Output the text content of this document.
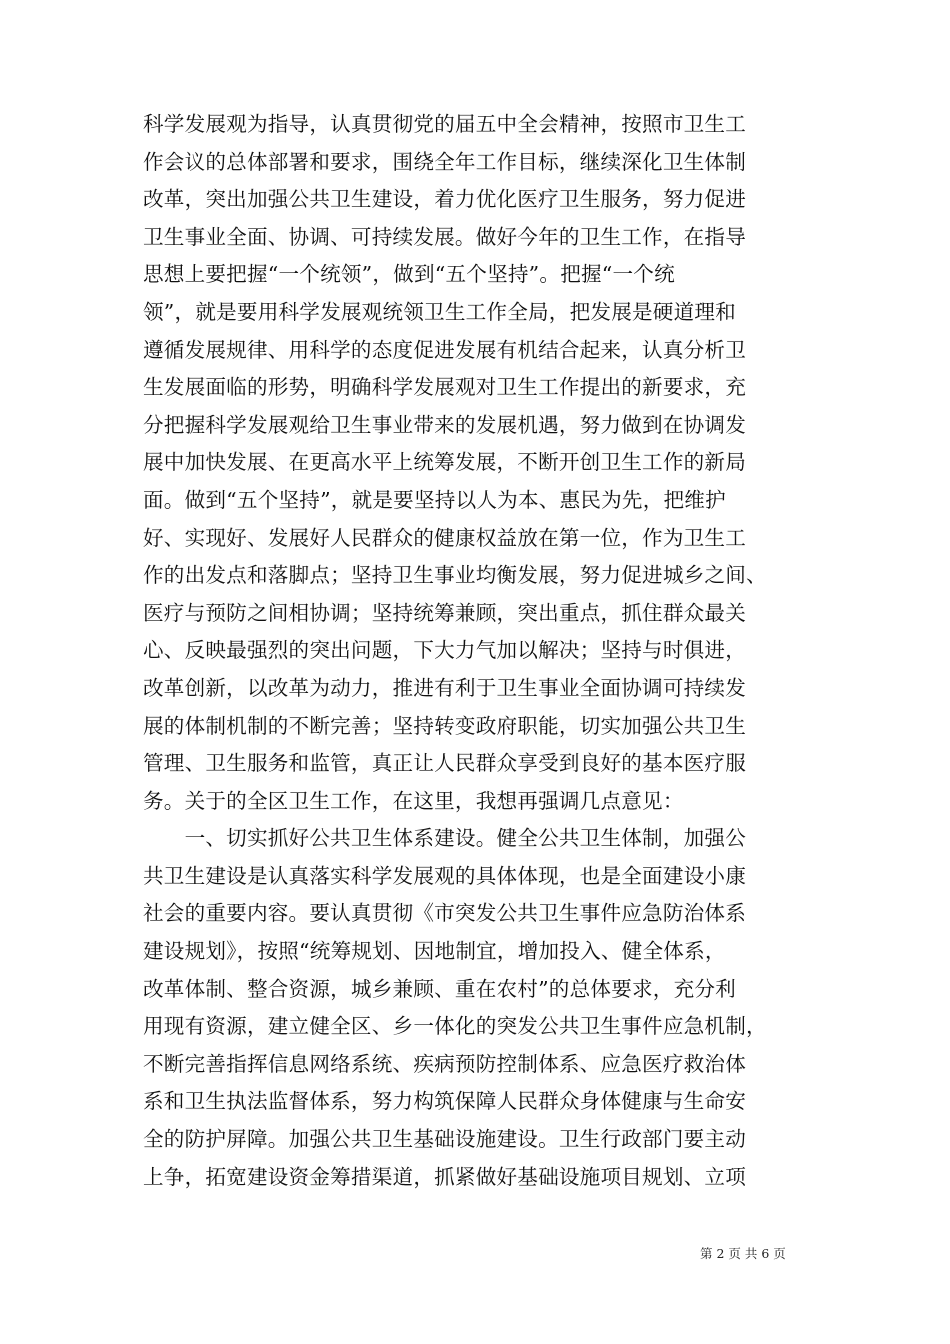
科学发展观为指导，认真贯彻党的届五中全会精神，按照市卫生工
作会议的总体部署和要求，围绕全年工作目标，继续深化卫生体制
改革，突出加强公共卫生建设，着力优化医疗卫生服务，努力促进
卫生事业全面、协调、可持续发展。做好今年的卫生工作，在指导
思想上要把握“一个统领”，做到“五个坚持”。把握“一个统
领”，就是要用科学发展观统领卫生工作全局，把发展是硬道理和
遵循发展规律、用科学的态度促进发展有机结合起来，认真分析卫
生发展面临的形势，明确科学发展观对卫生工作提出的新要求，充
分把握科学发展观给卫生事业带来的发展机遇，努力做到在协调发
展中加快发展、在更高水平上统筹发展，不断开创卫生工作的新局
面。做到“五个坚持”，就是要坚持以人为本、惠民为先，把维护
好、实现好、发展好人民群众的健康权益放在第一位，作为卫生工
作的出发点和落脚点；坚持卫生事业均衡发展，努力促进城乡之间、
医疗与预防之间相协调；坚持统筹兼顾，突出重点，抓住群众最关
心、反映最强烈的突出问题，下大力气加以解决；坚持与时俱进，
改革创新，以改革为动力，推进有利于卫生事业全面协调可持续发
展的体制机制的不断完善；坚持转变政府职能，切实加强公共卫生
管理、卫生服务和监管，真正让人民群众享受到良好的基本医疗服
务。关于的全区卫生工作，在这里，我想再强调几点意见：
　　一、切实抓好公共卫生体系建设。健全公共卫生体制，加强公
共卫生建设是认真落实科学发展观的具体体现，也是全面建设小康
社会的重要内容。要认真贯彻《市突发公共卫生事件应急防治体系
建设规划》，按照“统筹规划、因地制宜，增加投入、健全体系，
改革体制、整合资源，城乡兼顾、重在农村”的总体要求，充分利
用现有资源，建立健全区、乡一体化的突发公共卫生事件应急机制，
不断完善指挥信息网络系统、疾病预防控制体系、应急医疗救治体
系和卫生执法监督体系，努力构筑保障人民群众身体健康与生命安
全的防护屏障。加强公共卫生基础设施建设。卫生行政部门要主动
上争，拓宽建设资金筹措渠道，抓紧做好基础设施项目规划、立项
第 2 页 共 6 页
